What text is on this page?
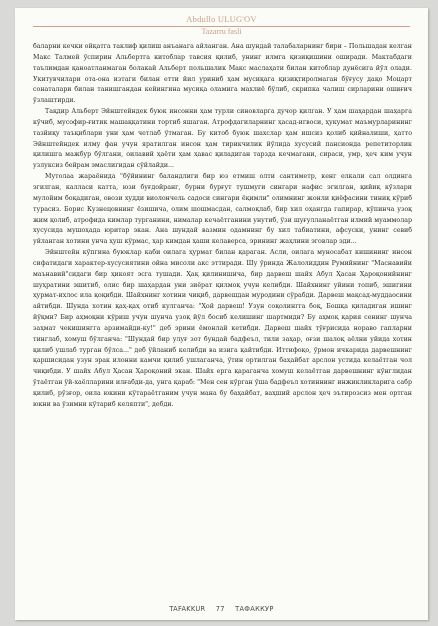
Abdullo ULUG'OV
Tazarru fasli

баларни кечки ойқатга таклиф қилиш анъанага айланган. Ана шундай талабаларнинг бири – Польшадан келган Макс Талмей ўспирин Альбертга китоблар тавсия қилиб, унинг илмга қизиқишини оширади. Мактабдаги таълимдан қаноатланмаган болакай Альберт польшалик Макс маслаҳати билан китоблар дунёсига йўл олади. Укитувчилари ота-она изтаги билан етти йил уриниб ҳам мусиқага қизиқтиролмаган бўғусу дақо Моцарт сонаталари билан танишгандан кейингина мусиқа оламига махлиё бўлиб, скрипка чалиш сирларини ошиғич ўзлаштирди.

Тақдир Альберт Эйнштейндек буюк инсонни ҳам турли синовларга дучор қилган. У ҳам шаҳардан шаҳарга кўчиб, мусофир-ғитик машаққатини тортиб яшаган. Атрофдагиларнинг ҳасад-игвоси, ҳукумат маъмурларининг тазйиқу таъқиблари уни ҳам четлаб ўтмаган. Бу китоб буюк шахслар ҳам ишсиз қолиб қийналиши, ҳатто Эйнштейндек илму фан учун яратилган инсон ҳам тирикчилик йўлида хусусий пансионда репетиторлик қилишга мажбур бўлгани, оилавий ҳаёти ҳам ҳавас қиладиган тарзда кечмагани, сираси, умр, ҳеч ким учун узлуксиз бейрам эмаслигидан сўйлайди...

Мутолаа жараёнида "бўйининг баландлиги бир юз етмиш олти сантиметр, кенг елкали сал олдинга эгилган, калласи катта, юзи буғдойранг, бурни бурғут тушмуги сингари нафис эгилган, қийиқ кўзлари мулойим боқадиган, овози худди виолончель садоси сингари ёқимли" олимнинг жонли қиёфасини тиниқ кўриб турасиз. Борис Кузнецовнинг ёзишича, олим шошмасдан, салмоқлаб, бир хил оҳангда гапирар, кўпинча узоқ жим қолиб, атрофида кимлар турганини, нималар кечаётганини унутиб, ўзи шуғулланаётган илмий муаммолар хусусида мушоҳада юритар экан. Ана шундай вазмин одамнинг бу хил табиатини, афсуски, унинг севиб уйланган хотини унча ҳуш кўрмас, ҳар кимдан ҳаши келаверса, эрининг жаҳлини эговлар эди...

Эйнштейн кўпгина буюклар каби оилага ҳурмат билан қараган. Асли, оилага муносабат кишининг инсон сифатидаги характер-хусусиятини ойна мисоли акс эттиради. Шу ўринда Жалолиддин Румийнинг "Маснавийи маънавий"сидаги бир ҳикоят эсга тушади. Ҳақ қилинишича, бир дарвеш шайх Абул Ҳасан Ҳароқонийнинг шуҳратини эшитиб, олис бир шаҳардан уни зиёрат қилмоқ учун келибди. Шайхнинг уйини топиб, эшигини ҳурмат-ихлос ила қоқибди. Шайхнинг хотини чиқиб, дарвешдан муродини сўрабди. Дарвеш мақсад-муддаосини айтибди. Шунда хотин қаҳ-қаҳ отиб кулганча: "Ҳой дарвеш! Узун соқолингга боқ, Бошқа қиладиган ишинг йўқми? Бир аҳмоқни кўриш учун шунча узоқ йўл босиб келишинг шартмиди? Бу аҳмоқ қария сенинг шунча заҳмат чекишингга арзимайди-ку!" деб эрини ёмонлай кетибди. Дарвеш шайх тўғрисида нораво гапларни тинглаб, хомуш бўлганча: "Шундай бир улуғ зот бундай бадфеъл, тили заҳар, оғзи шалоқ аёлни уйида хотин қилиб ушлаб турган бўлса..." деб ўйланиб келибди ва изига қайтибди. Иттифоқо, ўрмон ичкарида дарвешнинг қаршисидан узун эрак илонни камчи қилиб ушлаганча, ўтин ортилган баҳайбат арслон устида келаётган чол чиқибди. У шайх Абул Ҳасан Ҳароқоний экан. Шайх ерга қараганча хомуш келаётган дарвешнинг кўнглидан ўтаётган ўй-хаёлларини илғабди-да, унга қараб: "Мен сен кўрган ўша бадфеъл хотиннинг инжикликларига сабр қилиб, рўзғор, оила юкини кўтараётганим учун мана бу баҳайбат, ваҳший арслон ҳеч эътирозсиз мен ортган юкни ва ўзимни кўтариб келяпти", дебди.

TAFAKKUR 77 ТАФАККУР
